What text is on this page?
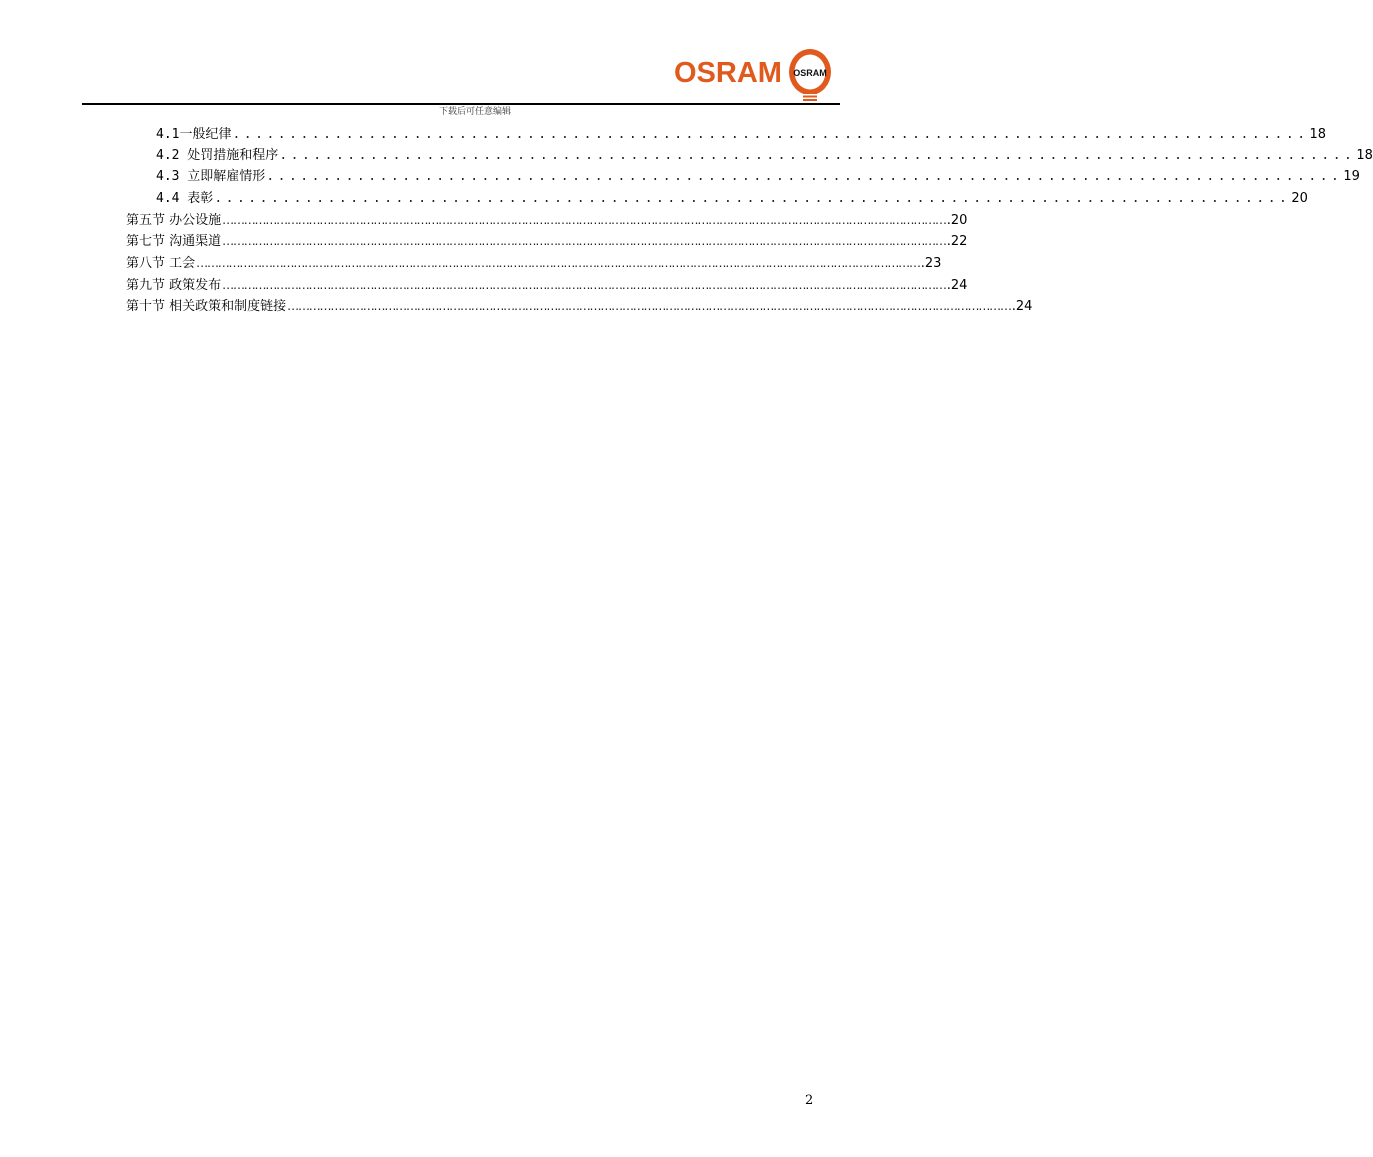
OSRAM OSRAM
下载后可任意编辑
4.1一般纪律 ............................................................................................... 18
4.2 处罚措施和程序 ............................................................................................... 18
4.3 立即解雇情形 ............................................................................................... 19
4.4 表彰 ............................................................................................... 20
第五节 办公设施 ………………………………………………………………………………………………………………………………………………………………………………… .20
第七节 沟通渠道 ………………………………………………………………………………………………………………………………………………………………………………… .22
第八节 工会 ………………………………………………………………………………………………………………………………………………………………………………… .23
第九节 政策发布 ………………………………………………………………………………………………………………………………………………………………………………… .24
第十节 相关政策和制度链接 ………………………………………………………………………………………………………………………………………………………………………………… .24
2
